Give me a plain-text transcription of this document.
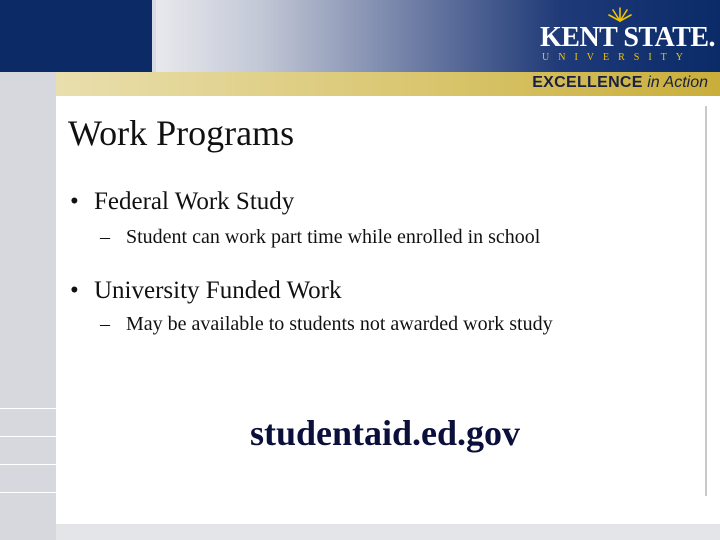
KENT STATE.
UNIVERSITY
EXCELLENCE in Action
Work Programs
• Federal Work Study
– Student can work part time while enrolled in school
• University Funded Work
– May be available to students not awarded work study
studentaid.ed.gov
